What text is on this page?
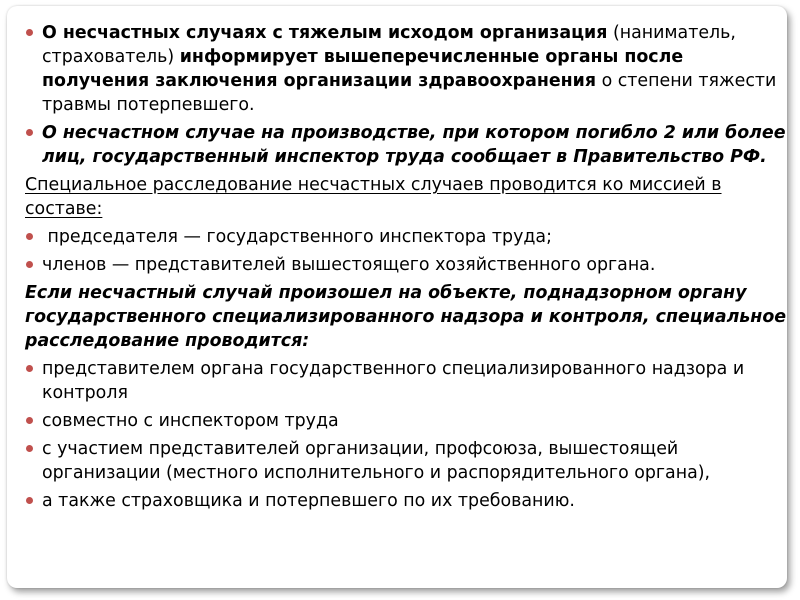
О несчастных случаях с тяжелым исходом организация (наниматель, страхователь) информирует вышеперечисленные органы после получения заключения организации здравоохранения о степени тяжести травмы потерпевшего.
О несчастном случае на производстве, при котором погибло 2 или более лиц, государственный инспектор труда сообщает в Правительство РФ.
Специальное расследование несчастных случаев проводится ко миссией в составе:
председателя — государственного инспектора труда;
членов — представителей вышестоящего хозяйственного органа.
Если несчастный случай произошел на объекте, поднадзорном органу государственного специализированного надзора и контроля, специальное расследование проводится:
представителем органа государственного специализированного надзора и контроля
совместно с инспектором труда
с участием представителей организации, профсоюза, вышестоящей организации (местного исполнительного и распорядительного органа),
а также страховщика и потерпевшего по их требованию.
